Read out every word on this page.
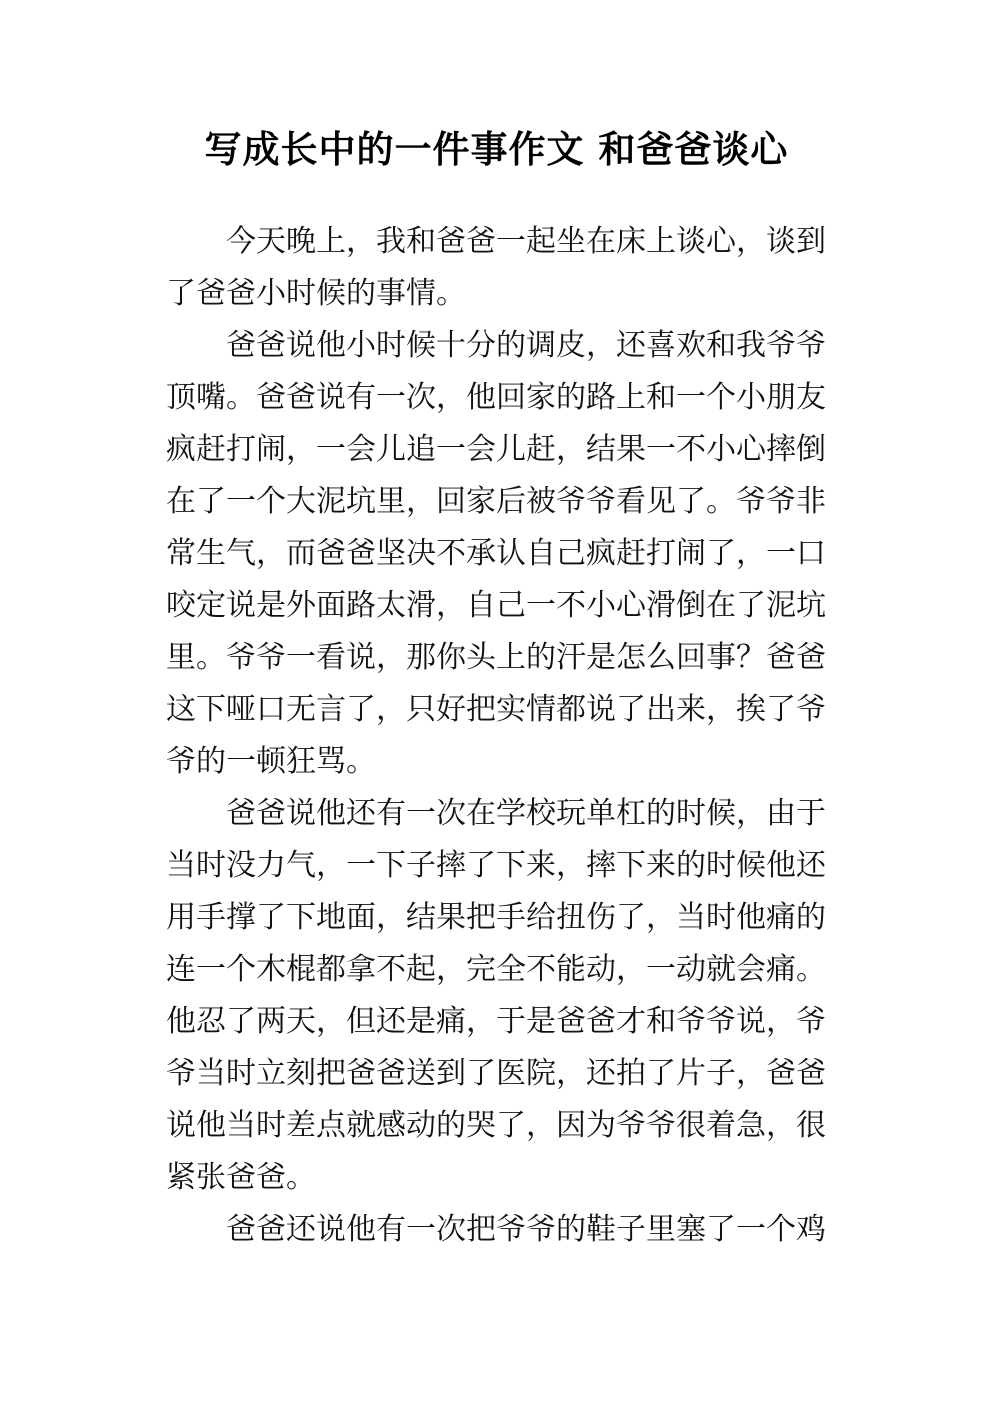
写成长中的一件事作文 和爸爸谈心

今天晚上，我和爸爸一起坐在床上谈心，谈到了爸爸小时候的事情。

爸爸说他小时候十分的调皮，还喜欢和我爷爷顶嘴。爸爸说有一次，他回家的路上和一个小朋友疯赶打闹，一会儿追一会儿赶，结果一不小心摔倒在了一个大泥坑里，回家后被爷爷看见了。爷爷非常生气，而爸爸坚决不承认自己疯赶打闹了，一口咬定说是外面路太滑，自己一不小心滑倒在了泥坑里。爷爷一看说，那你头上的汗是怎么回事？爸爸这下哑口无言了，只好把实情都说了出来，挨了爷爷的一顿狂骂。

爸爸说他还有一次在学校玩单杠的时候，由于当时没力气，一下子摔了下来，摔下来的时候他还用手撑了下地面，结果把手给扭伤了，当时他痛的连一个木棍都拿不起，完全不能动，一动就会痛。他忍了两天，但还是痛，于是爸爸才和爷爷说，爷爷当时立刻把爸爸送到了医院，还拍了片子，爸爸说他当时差点就感动的哭了，因为爷爷很着急，很紧张爸爸。

爸爸还说他有一次把爷爷的鞋子里塞了一个鸡
